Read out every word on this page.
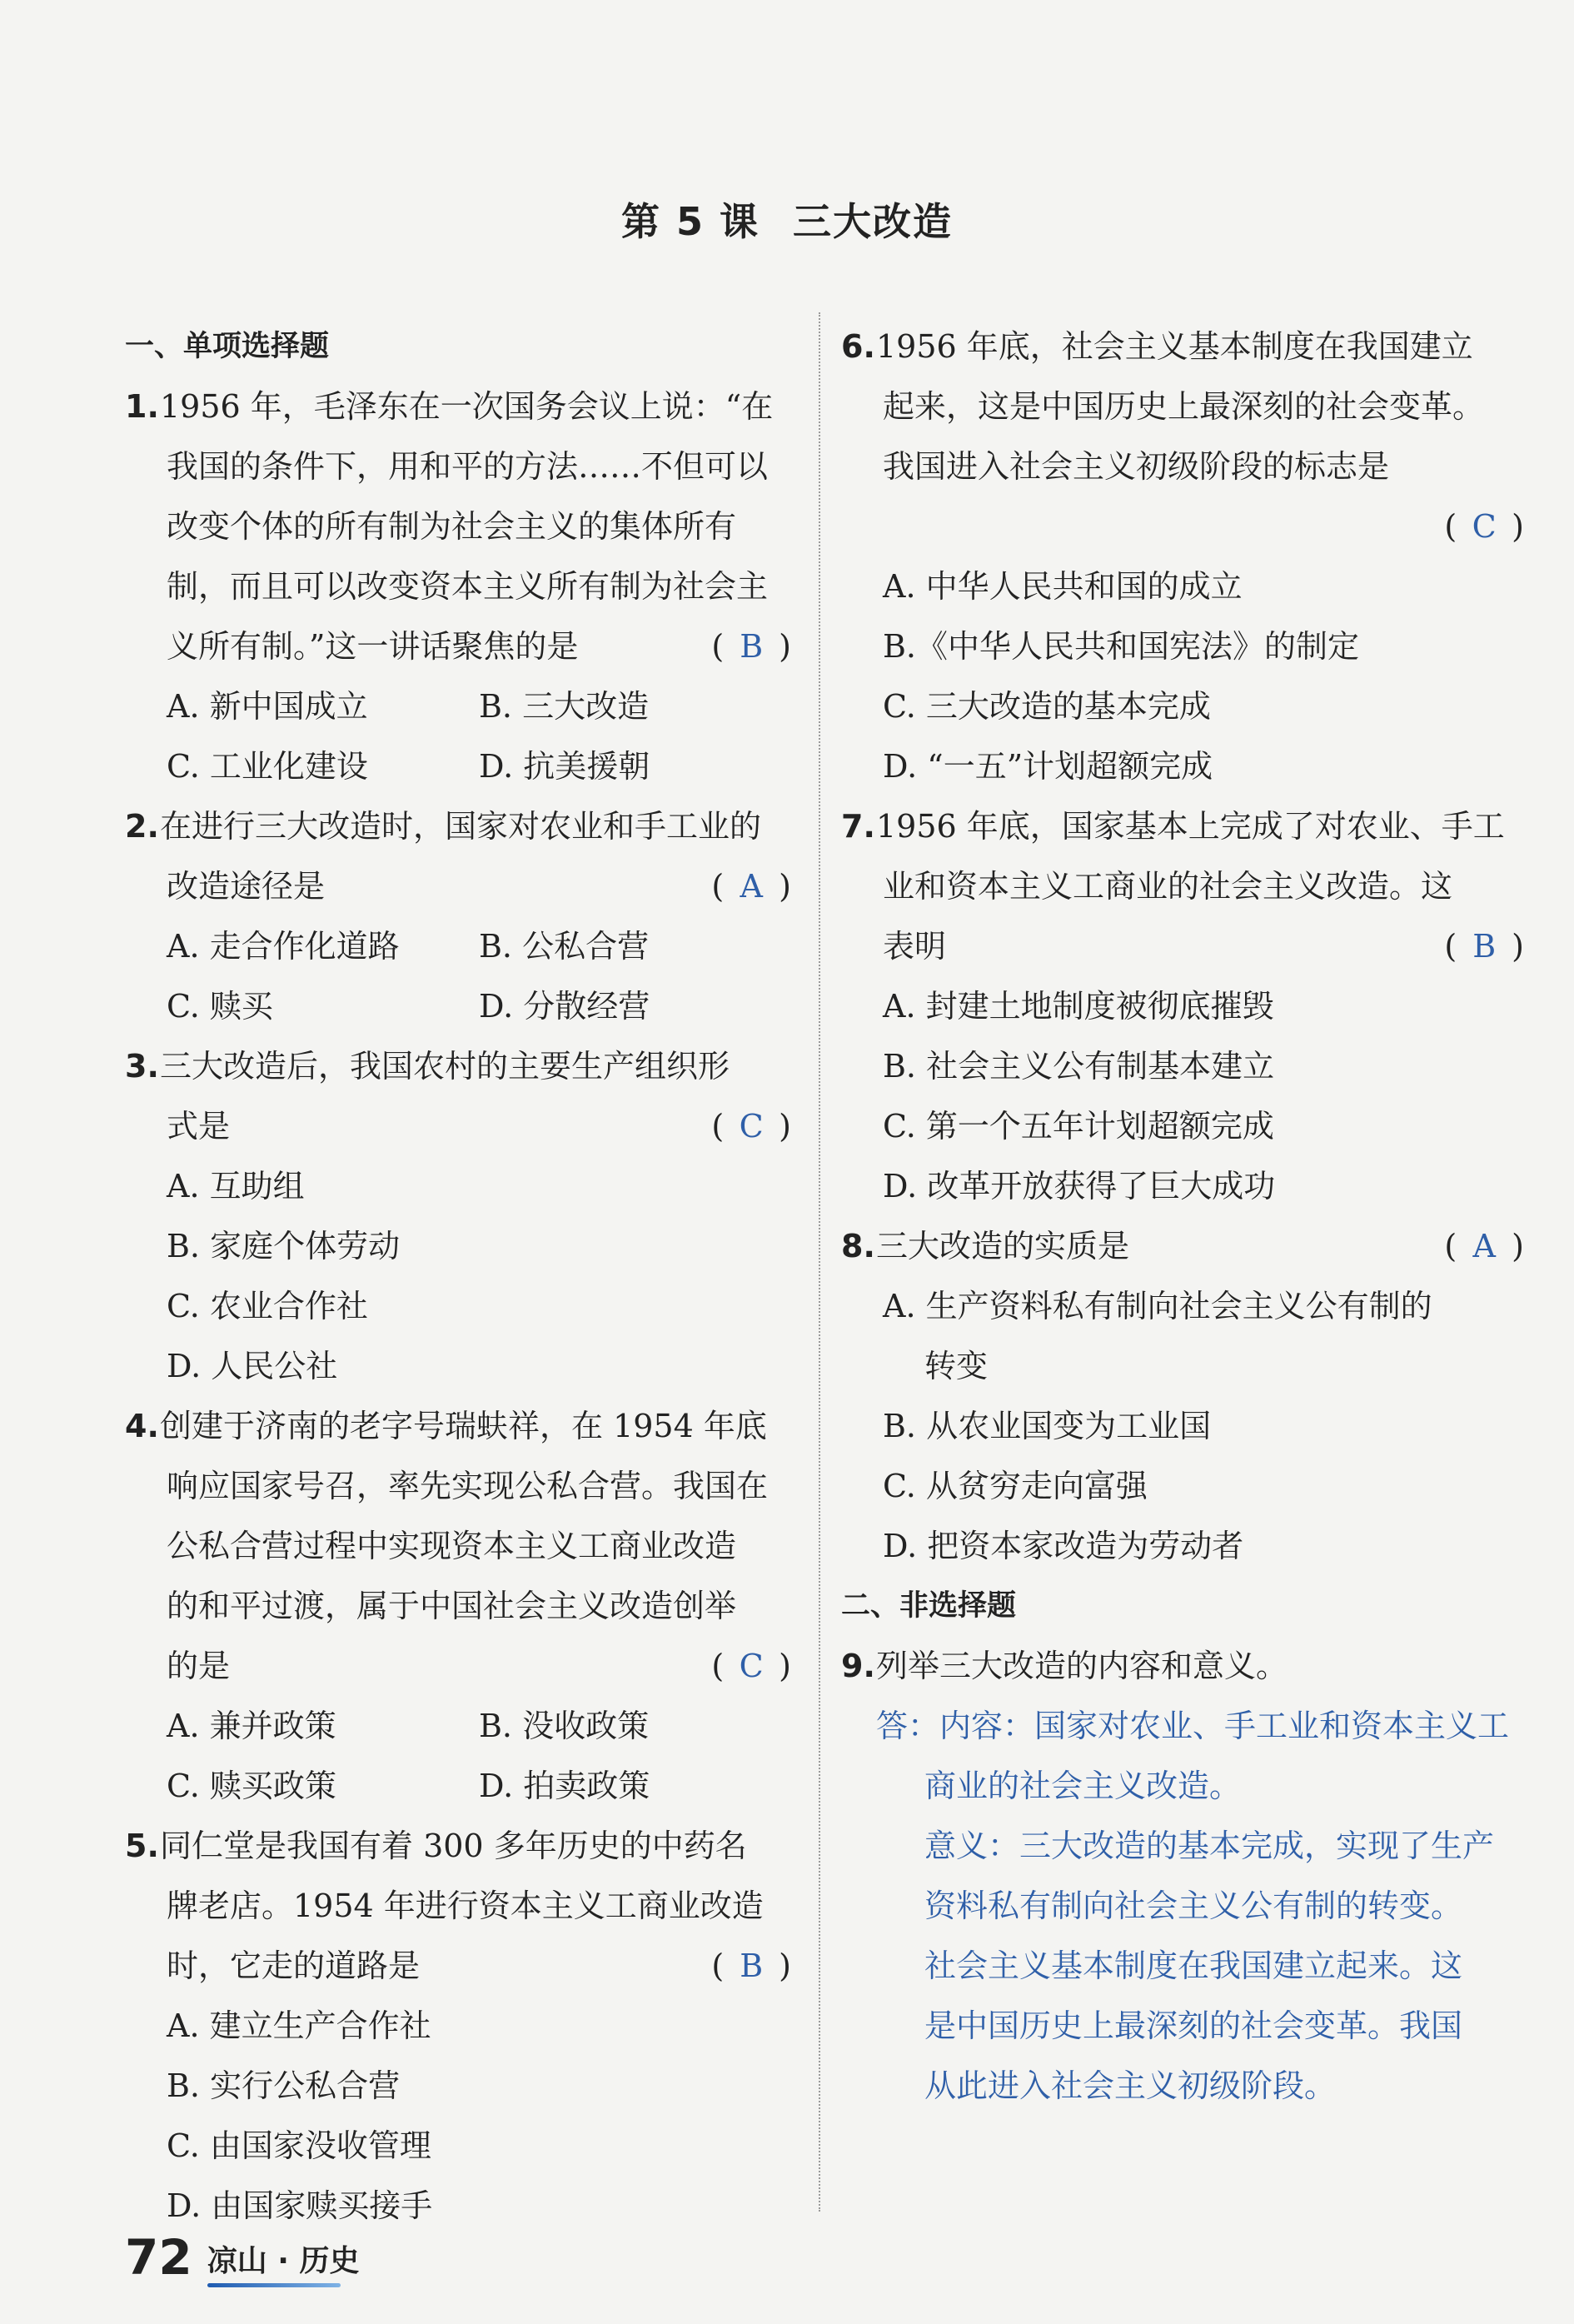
第 5 课 三大改造
一、单项选择题
1.1956 年，毛泽东在一次国务会议上说：“在
我国的条件下，用和平的方法……不但可以
改变个体的所有制为社会主义的集体所有
制，而且可以改变资本主义所有制为社会主
义所有制。”这一讲话聚焦的是	( B )
A. 新中国成立	B. 三大改造
C. 工业化建设	D. 抗美援朝
2.在进行三大改造时，国家对农业和手工业的
改造途径是	( A )
A. 走合作化道路	B. 公私合营
C. 赎买	D. 分散经营
3.三大改造后，我国农村的主要生产组织形
式是	( C )
A. 互助组
B. 家庭个体劳动
C. 农业合作社
D. 人民公社
4.创建于济南的老字号瑞蚨祥，在 1954 年底
响应国家号召，率先实现公私合营。我国在
公私合营过程中实现资本主义工商业改造
的和平过渡，属于中国社会主义改造创举
的是	( C )
A. 兼并政策	B. 没收政策
C. 赎买政策	D. 拍卖政策
5.同仁堂是我国有着 300 多年历史的中药名
牌老店。1954 年进行资本主义工商业改造
时，它走的道路是	( B )
A. 建立生产合作社
B. 实行公私合营
C. 由国家没收管理
D. 由国家赎买接手
6.1956 年底，社会主义基本制度在我国建立
起来，这是中国历史上最深刻的社会变革。
我国进入社会主义初级阶段的标志是
( C )
A. 中华人民共和国的成立
B.《中华人民共和国宪法》的制定
C. 三大改造的基本完成
D. “一五”计划超额完成
7.1956 年底，国家基本上完成了对农业、手工
业和资本主义工商业的社会主义改造。这
表明	( B )
A. 封建土地制度被彻底摧毁
B. 社会主义公有制基本建立
C. 第一个五年计划超额完成
D. 改革开放获得了巨大成功
8.三大改造的实质是	( A )
A. 生产资料私有制向社会主义公有制的
转变
B. 从农业国变为工业国
C. 从贫穷走向富强
D. 把资本家改造为劳动者
二、非选择题
9.列举三大改造的内容和意义。
答：内容：国家对农业、手工业和资本主义工
商业的社会主义改造。
意义：三大改造的基本完成，实现了生产
资料私有制向社会主义公有制的转变。
社会主义基本制度在我国建立起来。这
是中国历史上最深刻的社会变革。我国
从此进入社会主义初级阶段。
72 凉山 · 历史
